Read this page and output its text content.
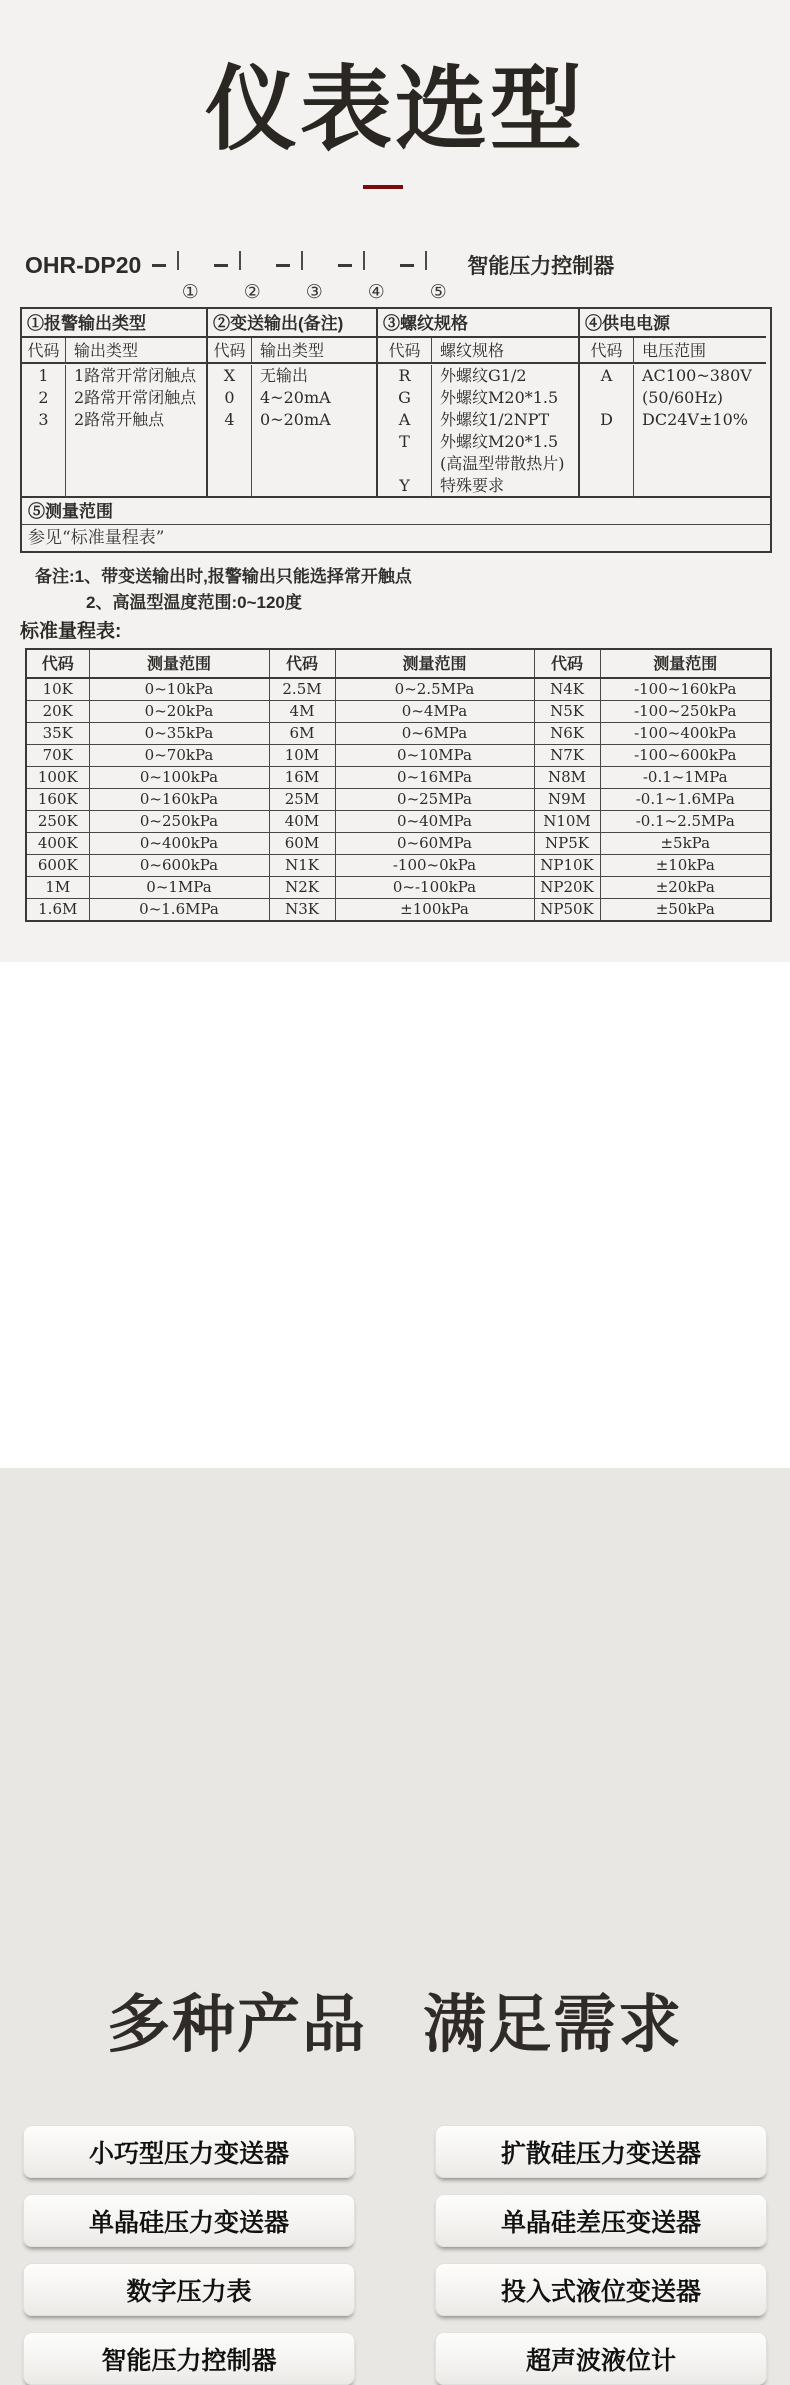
仪表选型
OHR-DP20
① ② ③ ④ ⑤
智能压力控制器
①报警输出类型
代码 输出类型
1	1路常开常闭触点
2	2路常开常闭触点
3	2路常开触点
②变送输出(备注)
代码 输出类型
X	无输出
0	4~20mA
4	0~20mA
③螺纹规格
代码	螺纹规格
R	外螺纹G1/2
G	外螺纹M20*1.5
A	外螺纹1/2NPT
T	外螺纹M20*1.5
(高温型带散热片)
Y	特殊要求
④供电电源
代码	电压范围
A	AC100~380V
(50/60Hz)
D	DC24V±10%
⑤测量范围
参见“标准量程表”
备注:1、带变送输出时,报警输出只能选择常开触点
2、高温型温度范围:0~120度
标准量程表:
代码	测量范围	代码	测量范围	代码	测量范围
10K	0~10kPa	2.5M	0~2.5MPa	N4K	-100~160kPa
20K	0~20kPa	4M	0~4MPa	N5K	-100~250kPa
35K	0~35kPa	6M	0~6MPa	N6K	-100~400kPa
70K	0~70kPa	10M	0~10MPa	N7K	-100~600kPa
100K	0~100kPa	16M	0~16MPa	N8M	-0.1~1MPa
160K	0~160kPa	25M	0~25MPa	N9M	-0.1~1.6MPa
250K	0~250kPa	40M	0~40MPa	N10M	-0.1~2.5MPa
400K	0~400kPa	60M	0~60MPa	NP5K	±5kPa
600K	0~600kPa	N1K	-100~0kPa	NP10K	±10kPa
1M	0~1MPa	N2K	0~-100kPa	NP20K	±20kPa
1.6M	0~1.6MPa	N3K	±100kPa	NP50K	±50kPa
多种产品 满足需求
小巧型压力变送器	扩散硅压力变送器
单晶硅压力变送器	单晶硅差压变送器
数字压力表	投入式液位变送器
智能压力控制器	超声波液位计
